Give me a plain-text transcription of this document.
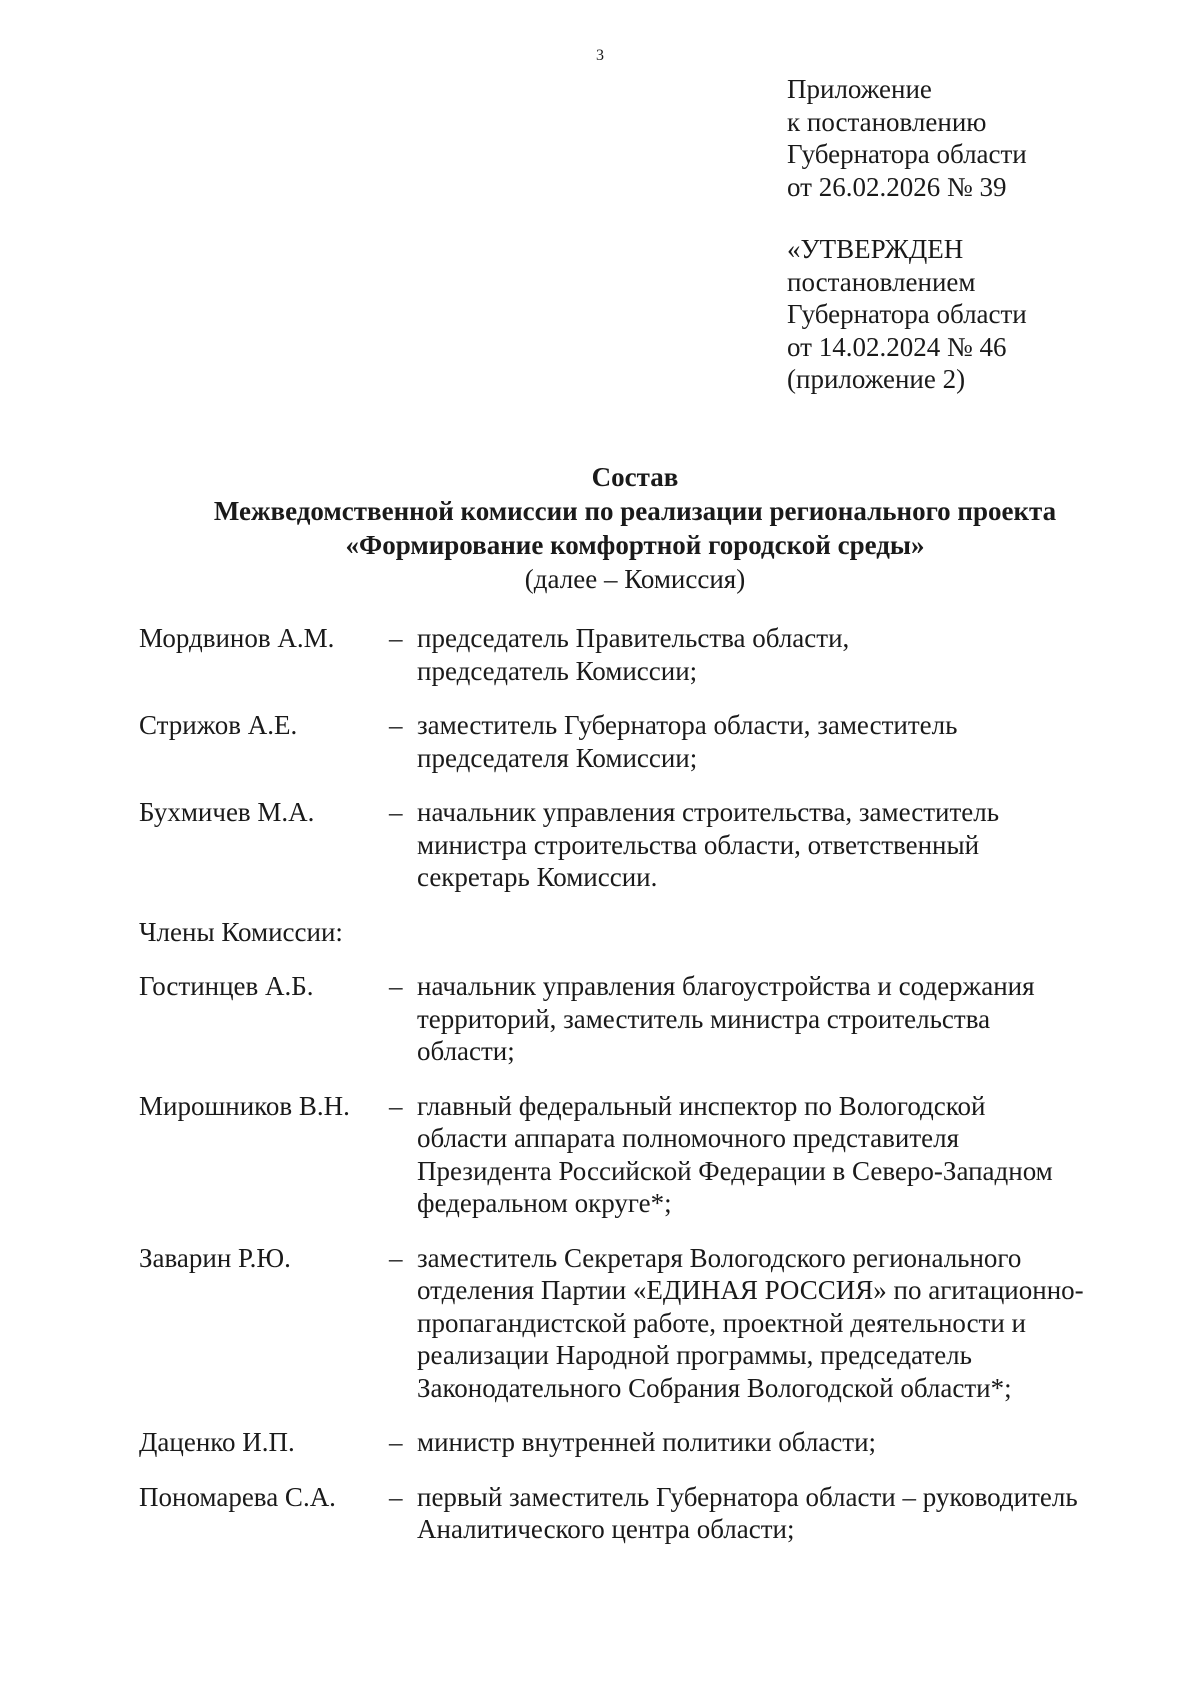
3
Приложение
к постановлению
Губернатора области
от 26.02.2026 № 39
«УТВЕРЖДЕН
постановлением
Губернатора области
от 14.02.2024 № 46
(приложение 2)
Состав
Межведомственной комиссии по реализации регионального проекта
«Формирование комфортной городской среды»
(далее – Комиссия)
Мордвинов А.М.	– председатель Правительства области,
председатель Комиссии;
Стрижов А.Е.	– заместитель Губернатора области, заместитель
председателя Комиссии;
Бухмичев М.А.	– начальник управления строительства, заместитель
министра строительства области, ответственный
секретарь Комиссии.
Члены Комиссии:
Гостинцев А.Б.	– начальник управления благоустройства и содержания
территорий, заместитель министра строительства
области;
Мирошников В.Н.	– главный федеральный инспектор по Вологодской
области аппарата полномочного представителя
Президента Российской Федерации в Северо-Западном
федеральном округе*;
Заварин Р.Ю.	– заместитель Секретаря Вологодского регионального
отделения Партии «ЕДИНАЯ РОССИЯ» по агитационно-
пропагандистской работе, проектной деятельности и
реализации Народной программы, председатель
Законодательного Собрания Вологодской области*;
Даценко И.П.	– министр внутренней политики области;
Пономарева С.А.	– первый заместитель Губернатора области – руководитель
Аналитического центра области;
